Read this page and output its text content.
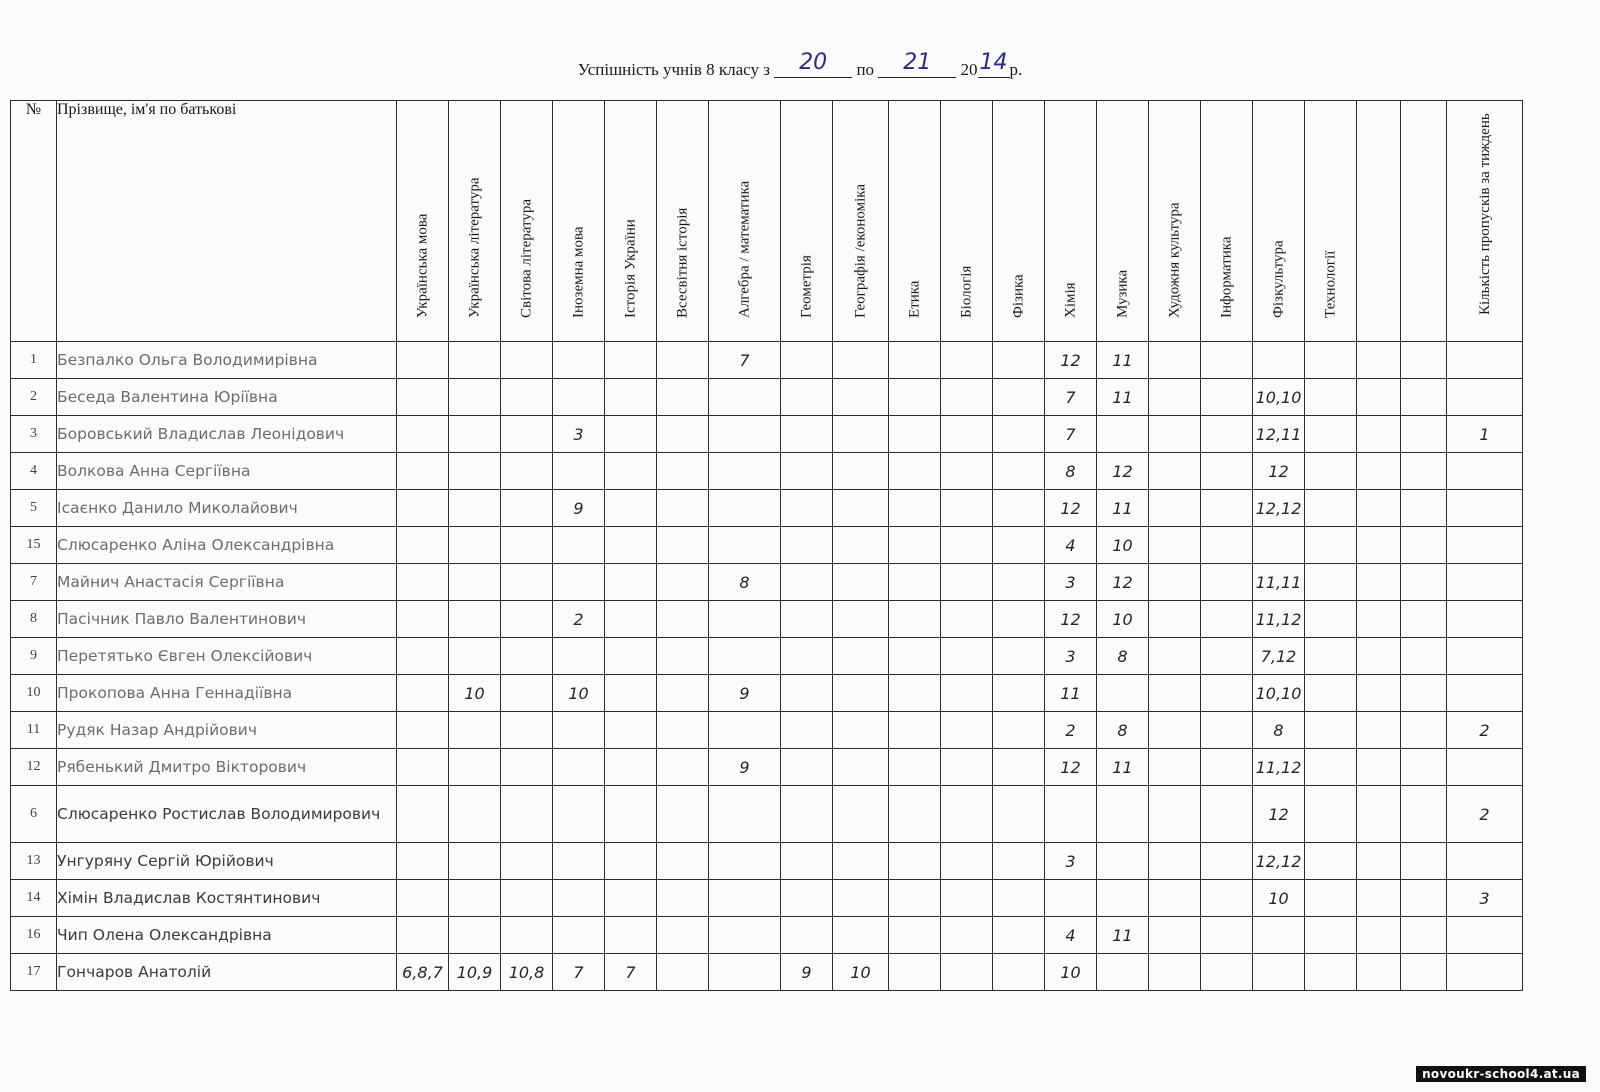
Успішність учнів 8 класу з 20 по 21 2014 р.
№	Прізвище, ім'я по батькові	Українська мова	Українська література	Світова література	Іноземна мова	Історія України	Всесвітня історія	Алгебра / математика	Геометрія	Географія /економіка	Етика	Біологія	Фізика	Хімія	Музика	Художня культура	Інформатика	Фізкультура	Технології			Кількість пропусків за тиждень

1	Безпалко Ольга Володимирівна							7						12	11							
2	Беседа Валентина Юріївна													7	11			10,10				
3	Боровський Владислав Леонідович				3									7				12,11				1
4	Волкова Анна Сергіївна													8	12			12				
5	Ісаєнко Данило Миколайович				9									12	11			12,12				
15	Слюсаренко Аліна Олександрівна													4	10							
7	Майнич Анастасія Сергіївна							8						3	12			11,11				
8	Пасічник Павло Валентинович				2									12	10			11,12				
9	Перетятько Євген Олексійович													3	8			7,12				
10	Прокопова Анна Геннадіївна		10		10			9						11				10,10				
11	Рудяк Назар Андрійович													2	8			8				2
12	Рябенький Дмитро Вікторович							9						12	11			11,12				
6	Слюсаренко Ростислав Володимирович																	12				2
13	Унгуряну Сергій Юрійович													3				12,12				
14	Хімін Владислав Костянтинович																	10				3
16	Чип Олена Олександрівна													4	11							
17	Гончаров Анатолій	6,8,7	10,9	10,8	7	7			9	10				10								
novoukr-school4.at.ua
